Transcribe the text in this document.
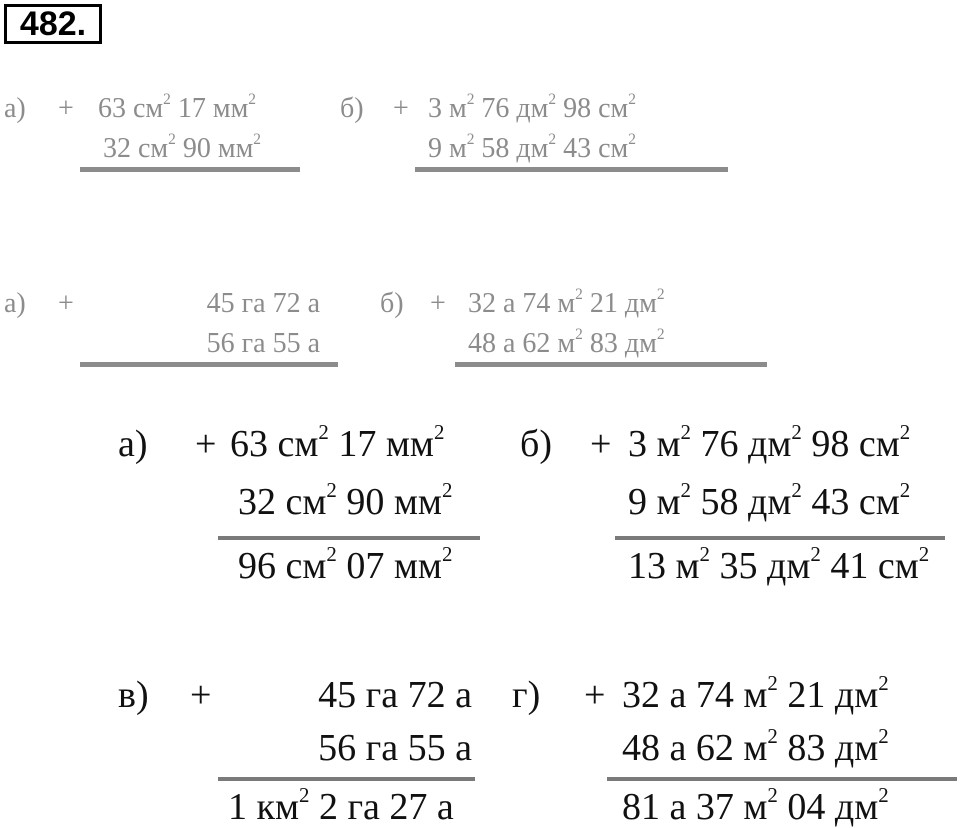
482.
а) + 63 $см^2$ 17 $мм^2$
32 $см^2$ 90 $мм^2$
б) + 3 $м^2$ 76 $дм^2$ 98 $см^2$
9 $м^2$ 58 $дм^2$ 43 $см^2$
а) +	45 га 72 а
56 га 55 а
б) + 32 а 74 $м^2$ 21 $дм^2$
48 а 62 $м^2$ 83 $дм^2$
а) + 63 $см^2$ 17 $мм^2$
32 $см^2$ 90 $мм^2$
96 $см^2$ 07 $мм^2$
б) + 3 $м^2$ 76 $дм^2$ 98 $см^2$
9 $м^2$ 58 $дм^2$ 43 $см^2$
13 $м^2$ 35 $дм^2$ 41 $см^2$
в) +	45 га 72 а
56 га 55 а
1 $км^2$ 2 га 27 а
г) + 32 а 74 $м^2$ 21 $дм^2$
48 а 62 $м^2$ 83 $дм^2$
81 а 37 $м^2$ 04 $дм^2$
